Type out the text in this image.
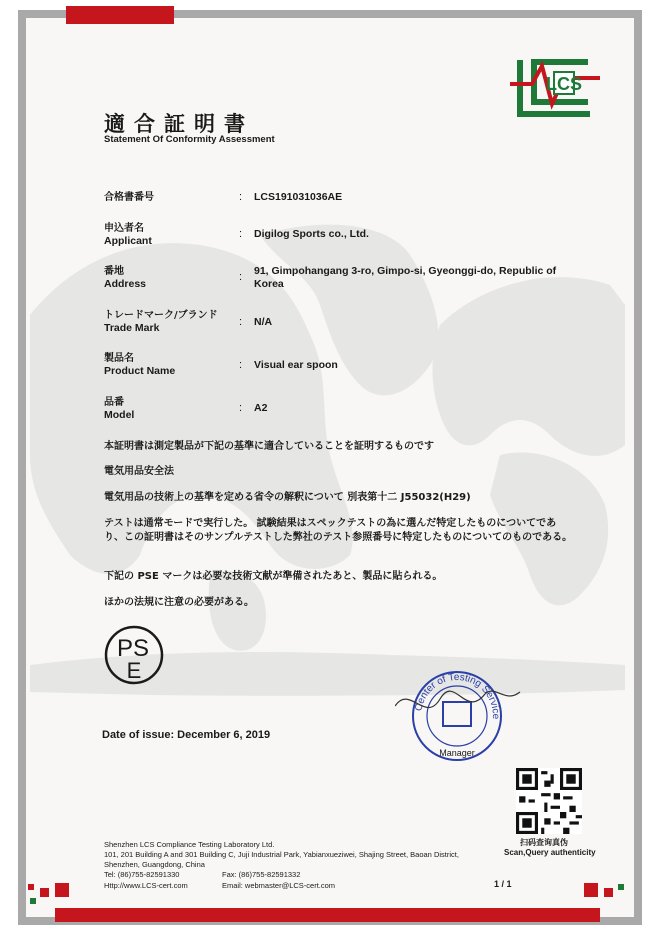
LCS
適合証明書
Statement Of Conformity Assessment
合格書番号	: LCS191031036AE
申込者名
Applicant
: Digilog Sports co., Ltd.
番地
Address
: 91, Gimpohangang 3-ro, Gimpo-si, Gyeonggi-do, Republic of Korea
トレードマーク/ブランド
Trade Mark	: N/A
製品名
Product Name	: Visual ear spoon
品番
Model
: A2
本証明書は測定製品が下記の基準に適合していることを証明するものです
電気用品安全法
電気用品の技術上の基準を定める省令の解釈について 別表第十二 J55032(H29)
テストは通常モードで実行した。 試験結果はスペックテストの為に選んだ特定したものについてであり、この証明書はそのサンプルテストした弊社のテスト参照番号に特定したものについてのものである。
下記の PSE マークは必要な技術文献が準備されたあと、製品に貼られる。
ほかの法規に注意の必要がある。
PS
E
Date of issue: December 6, 2019
Center of Testing Service
Manager
扫码查询真伪
Scan,Query authenticity
Shenzhen LCS Compliance Testing Laboratory Ltd.
101, 201 Building A and 301 Building C, Juji Industrial Park, Yabianxueziwei, Shajing Street, Baoan District,
Shenzhen, Guangdong, China
Tel: (86)755-82591330	Fax: (86)755-82591332
Http://www.LCS-cert.com	Email: webmaster@LCS-cert.com	1 / 1
